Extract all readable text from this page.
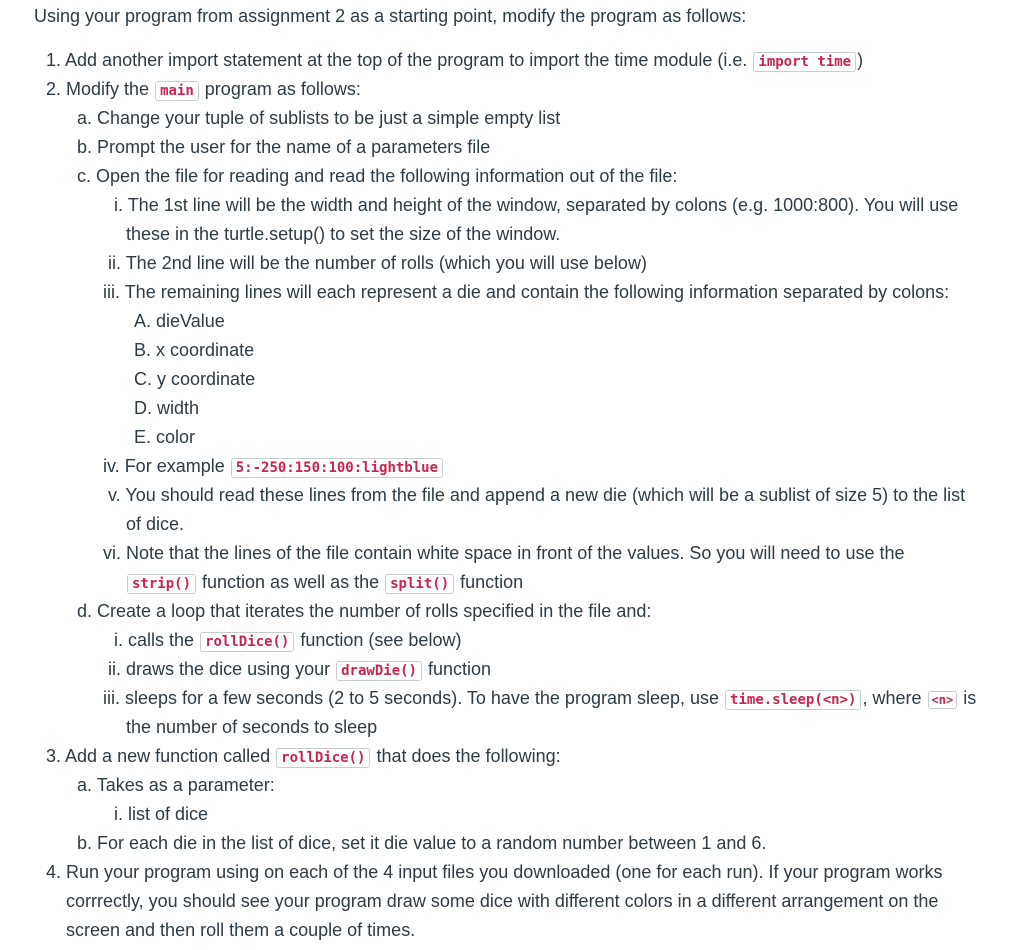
Using your program from assignment 2 as a starting point, modify the program as follows:
1. Add another import statement at the top of the program to import the time module (i.e. import time )
2. Modify the main program as follows:
a. Change your tuple of sublists to be just a simple empty list
b. Prompt the user for the name of a parameters file
c. Open the file for reading and read the following information out of the file:
i. The 1st line will be the width and height of the window, separated by colons (e.g. 1000:800). You will use
these in the turtle.setup() to set the size of the window.
ii. The 2nd line will be the number of rolls (which you will use below)
iii. The remaining lines will each represent a die and contain the following information separated by colons:
A. dieValue
B. x coordinate
C. y coordinate
D. width
E. color
iv. For example 5:-250:150:100:lightblue
v. You should read these lines from the file and append a new die (which will be a sublist of size 5) to the list
of dice.
vi. Note that the lines of the file contain white space in front of the values. So you will need to use the
strip() function as well as the split() function
d. Create a loop that iterates the number of rolls specified in the file and:
i. calls the rollDice() function (see below)
ii. draws the dice using your drawDie() function
iii. sleeps for a few seconds (2 to 5 seconds). To have the program sleep, use time.sleep(<n>) , where <n> is
the number of seconds to sleep
3. Add a new function called rollDice() that does the following:
a. Takes as a parameter:
i. list of dice
b. For each die in the list of dice, set it die value to a random number between 1 and 6.
4. Run your program using on each of the 4 input files you downloaded (one for each run). If your program works
corrrectly, you should see your program draw some dice with different colors in a different arrangement on the
screen and then roll them a couple of times.
